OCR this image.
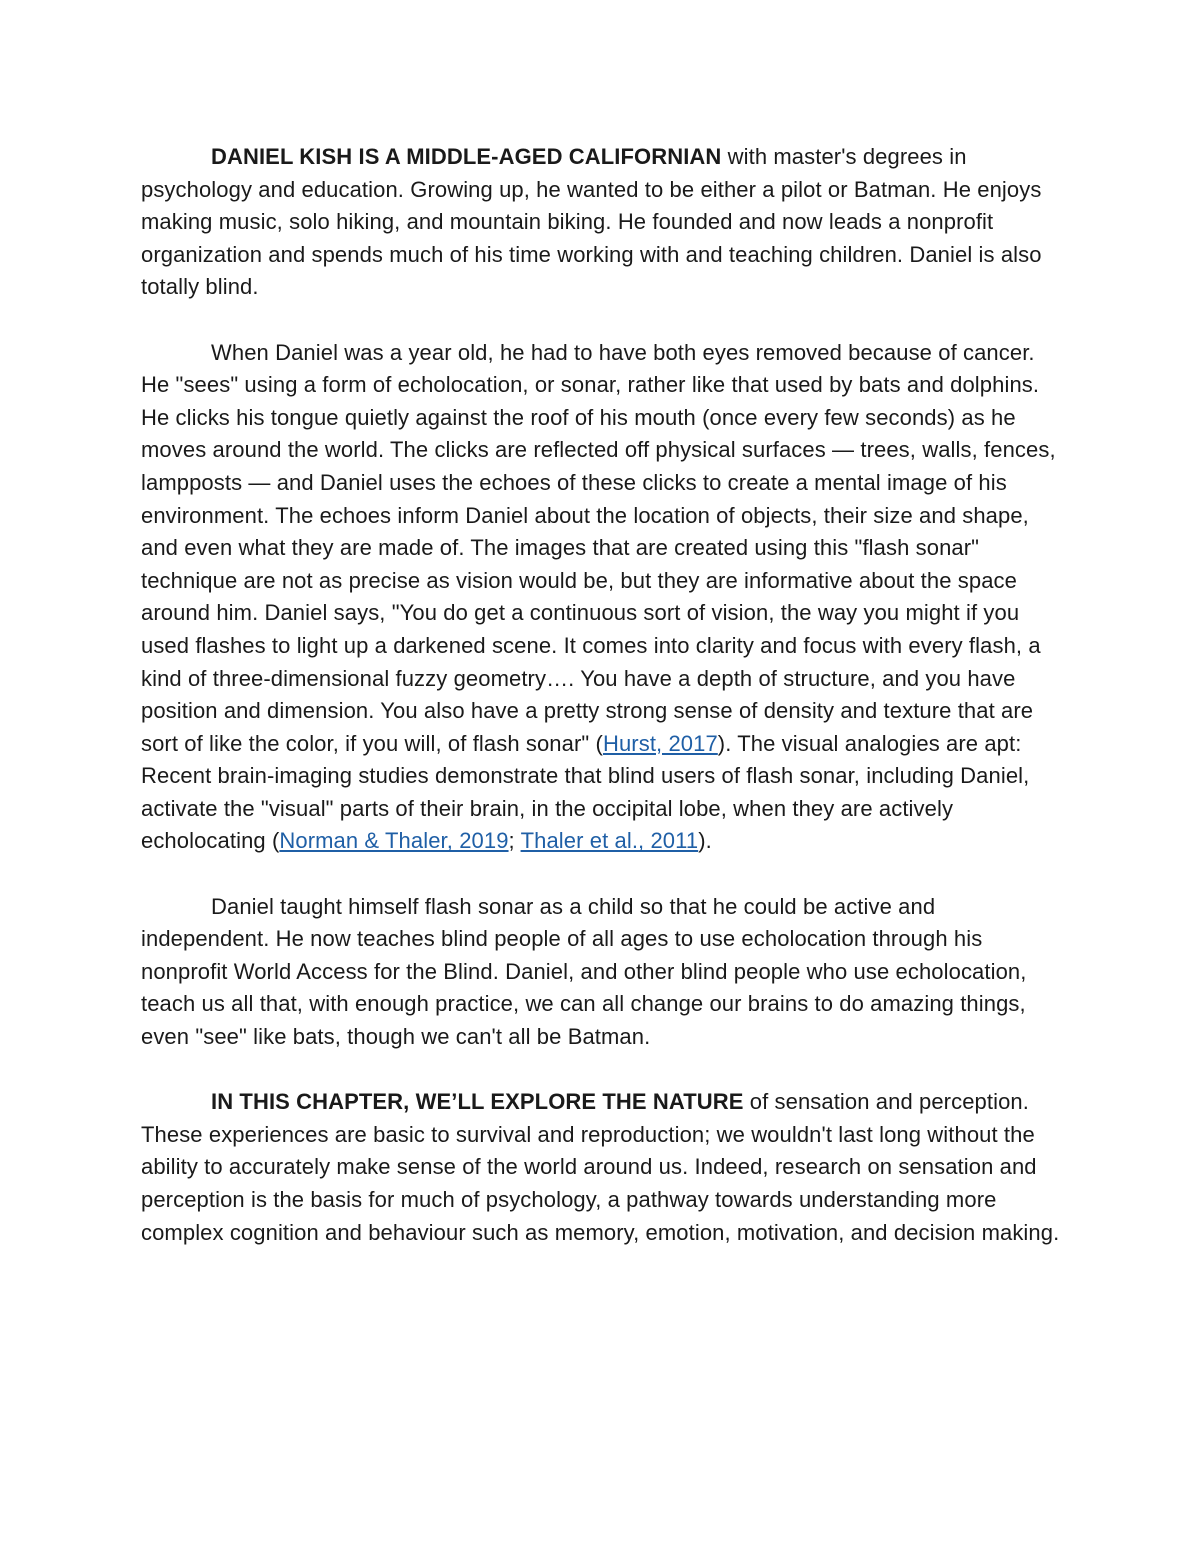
DANIEL KISH IS A MIDDLE-AGED CALIFORNIAN with master's degrees in psychology and education. Growing up, he wanted to be either a pilot or Batman. He enjoys making music, solo hiking, and mountain biking. He founded and now leads a nonprofit organization and spends much of his time working with and teaching children. Daniel is also totally blind.

When Daniel was a year old, he had to have both eyes removed because of cancer. He "sees" using a form of echolocation, or sonar, rather like that used by bats and dolphins. He clicks his tongue quietly against the roof of his mouth (once every few seconds) as he moves around the world. The clicks are reflected off physical surfaces — trees, walls, fences, lampposts — and Daniel uses the echoes of these clicks to create a mental image of his environment. The echoes inform Daniel about the location of objects, their size and shape, and even what they are made of. The images that are created using this "flash sonar" technique are not as precise as vision would be, but they are informative about the space around him. Daniel says, "You do get a continuous sort of vision, the way you might if you used flashes to light up a darkened scene. It comes into clarity and focus with every flash, a kind of three-dimensional fuzzy geometry…. You have a depth of structure, and you have position and dimension. You also have a pretty strong sense of density and texture that are sort of like the color, if you will, of flash sonar" (Hurst, 2017). The visual analogies are apt: Recent brain-imaging studies demonstrate that blind users of flash sonar, including Daniel, activate the "visual" parts of their brain, in the occipital lobe, when they are actively echolocating (Norman & Thaler, 2019; Thaler et al., 2011).

Daniel taught himself flash sonar as a child so that he could be active and independent. He now teaches blind people of all ages to use echolocation through his nonprofit World Access for the Blind. Daniel, and other blind people who use echolocation, teach us all that, with enough practice, we can all change our brains to do amazing things, even "see" like bats, though we can't all be Batman.

IN THIS CHAPTER, WE’LL EXPLORE THE NATURE of sensation and perception. These experiences are basic to survival and reproduction; we wouldn't last long without the ability to accurately make sense of the world around us. Indeed, research on sensation and perception is the basis for much of psychology, a pathway towards understanding more complex cognition and behaviour such as memory, emotion, motivation, and decision making.
